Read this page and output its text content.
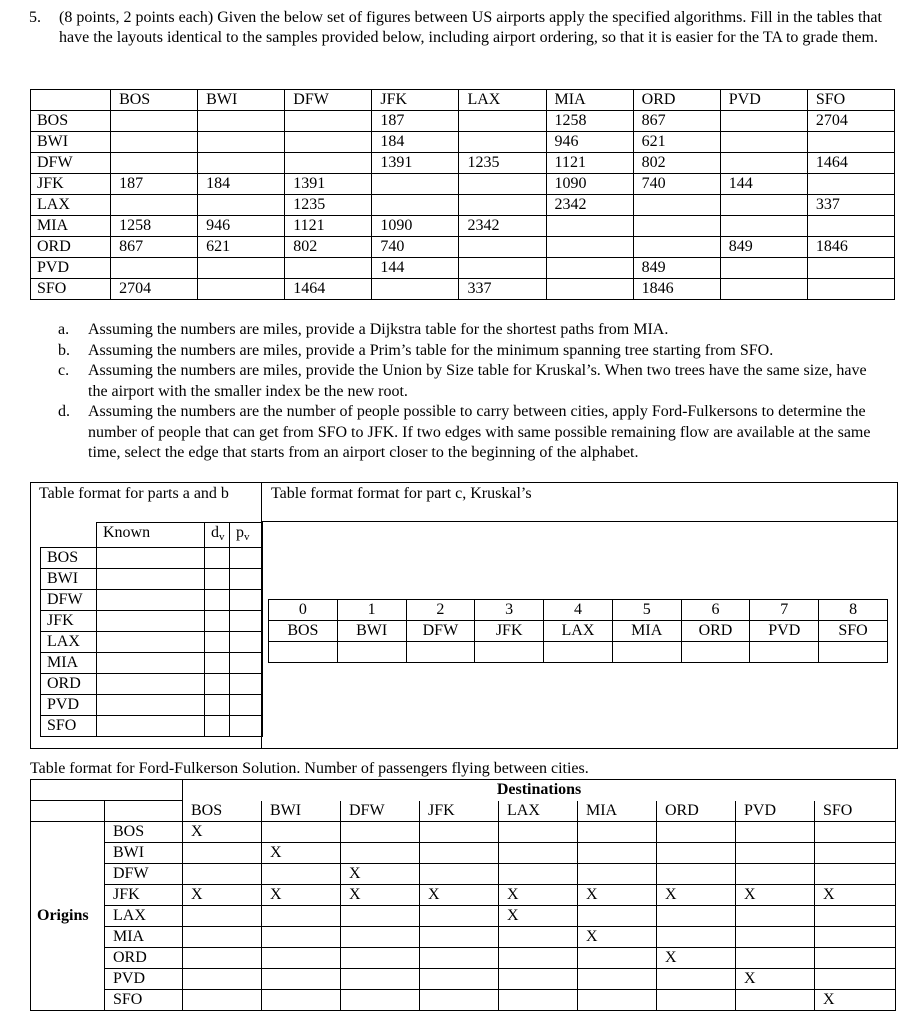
5. (8 points, 2 points each) Given the below set of figures between US airports apply the specified algorithms. Fill in the tables that have the layouts identical to the samples provided below, including airport ordering, so that it is easier for the TA to grade them.
	BOS	BWI	DFW	JFK	LAX	MIA	ORD	PVD	SFO
BOS				187		1258	867		2704
BWI				184		946	621		
DFW				1391	1235	1121	802		1464
JFK	187	184	1391			1090	740	144	
LAX			1235			2342			337
MIA	1258	946	1121	1090	2342				
ORD	867	621	802	740				849	1846
PVD				144			849		
SFO	2704		1464		337		1846		
a. Assuming the numbers are miles, provide a Dijkstra table for the shortest paths from MIA.
b. Assuming the numbers are miles, provide a Prim’s table for the minimum spanning tree starting from SFO.
c. Assuming the numbers are miles, provide the Union by Size table for Kruskal’s. When two trees have the same size, have the airport with the smaller index be the new root.
d. Assuming the numbers are the number of people possible to carry between cities, apply Ford-Fulkersons to determine the number of people that can get from SFO to JFK. If two edges with same possible remaining flow are available at the same time, select the edge that starts from an airport closer to the beginning of the alphabet.
Table format for parts a and b	Table format format for part c, Kruskal’s
	Known	$d_v$	$p_v$
BOS			
BWI			
DFW			
JFK			
LAX			
MIA			
ORD			
PVD			
SFO			
0	1	2	3	4	5	6	7	8
BOS	BWI	DFW	JFK	LAX	MIA	ORD	PVD	SFO

Table format for Ford-Fulkerson Solution. Number of passengers flying between cities.
		Destinations								
		BOS	BWI	DFW	JFK	LAX	MIA	ORD	PVD	SFO
Origins	BOS	X								
	BWI		X							
	DFW			X						
	JFK	X	X	X	X	X	X	X	X	X
	LAX					X				
	MIA						X			
	ORD							X		
	PVD								X	
	SFO									X
